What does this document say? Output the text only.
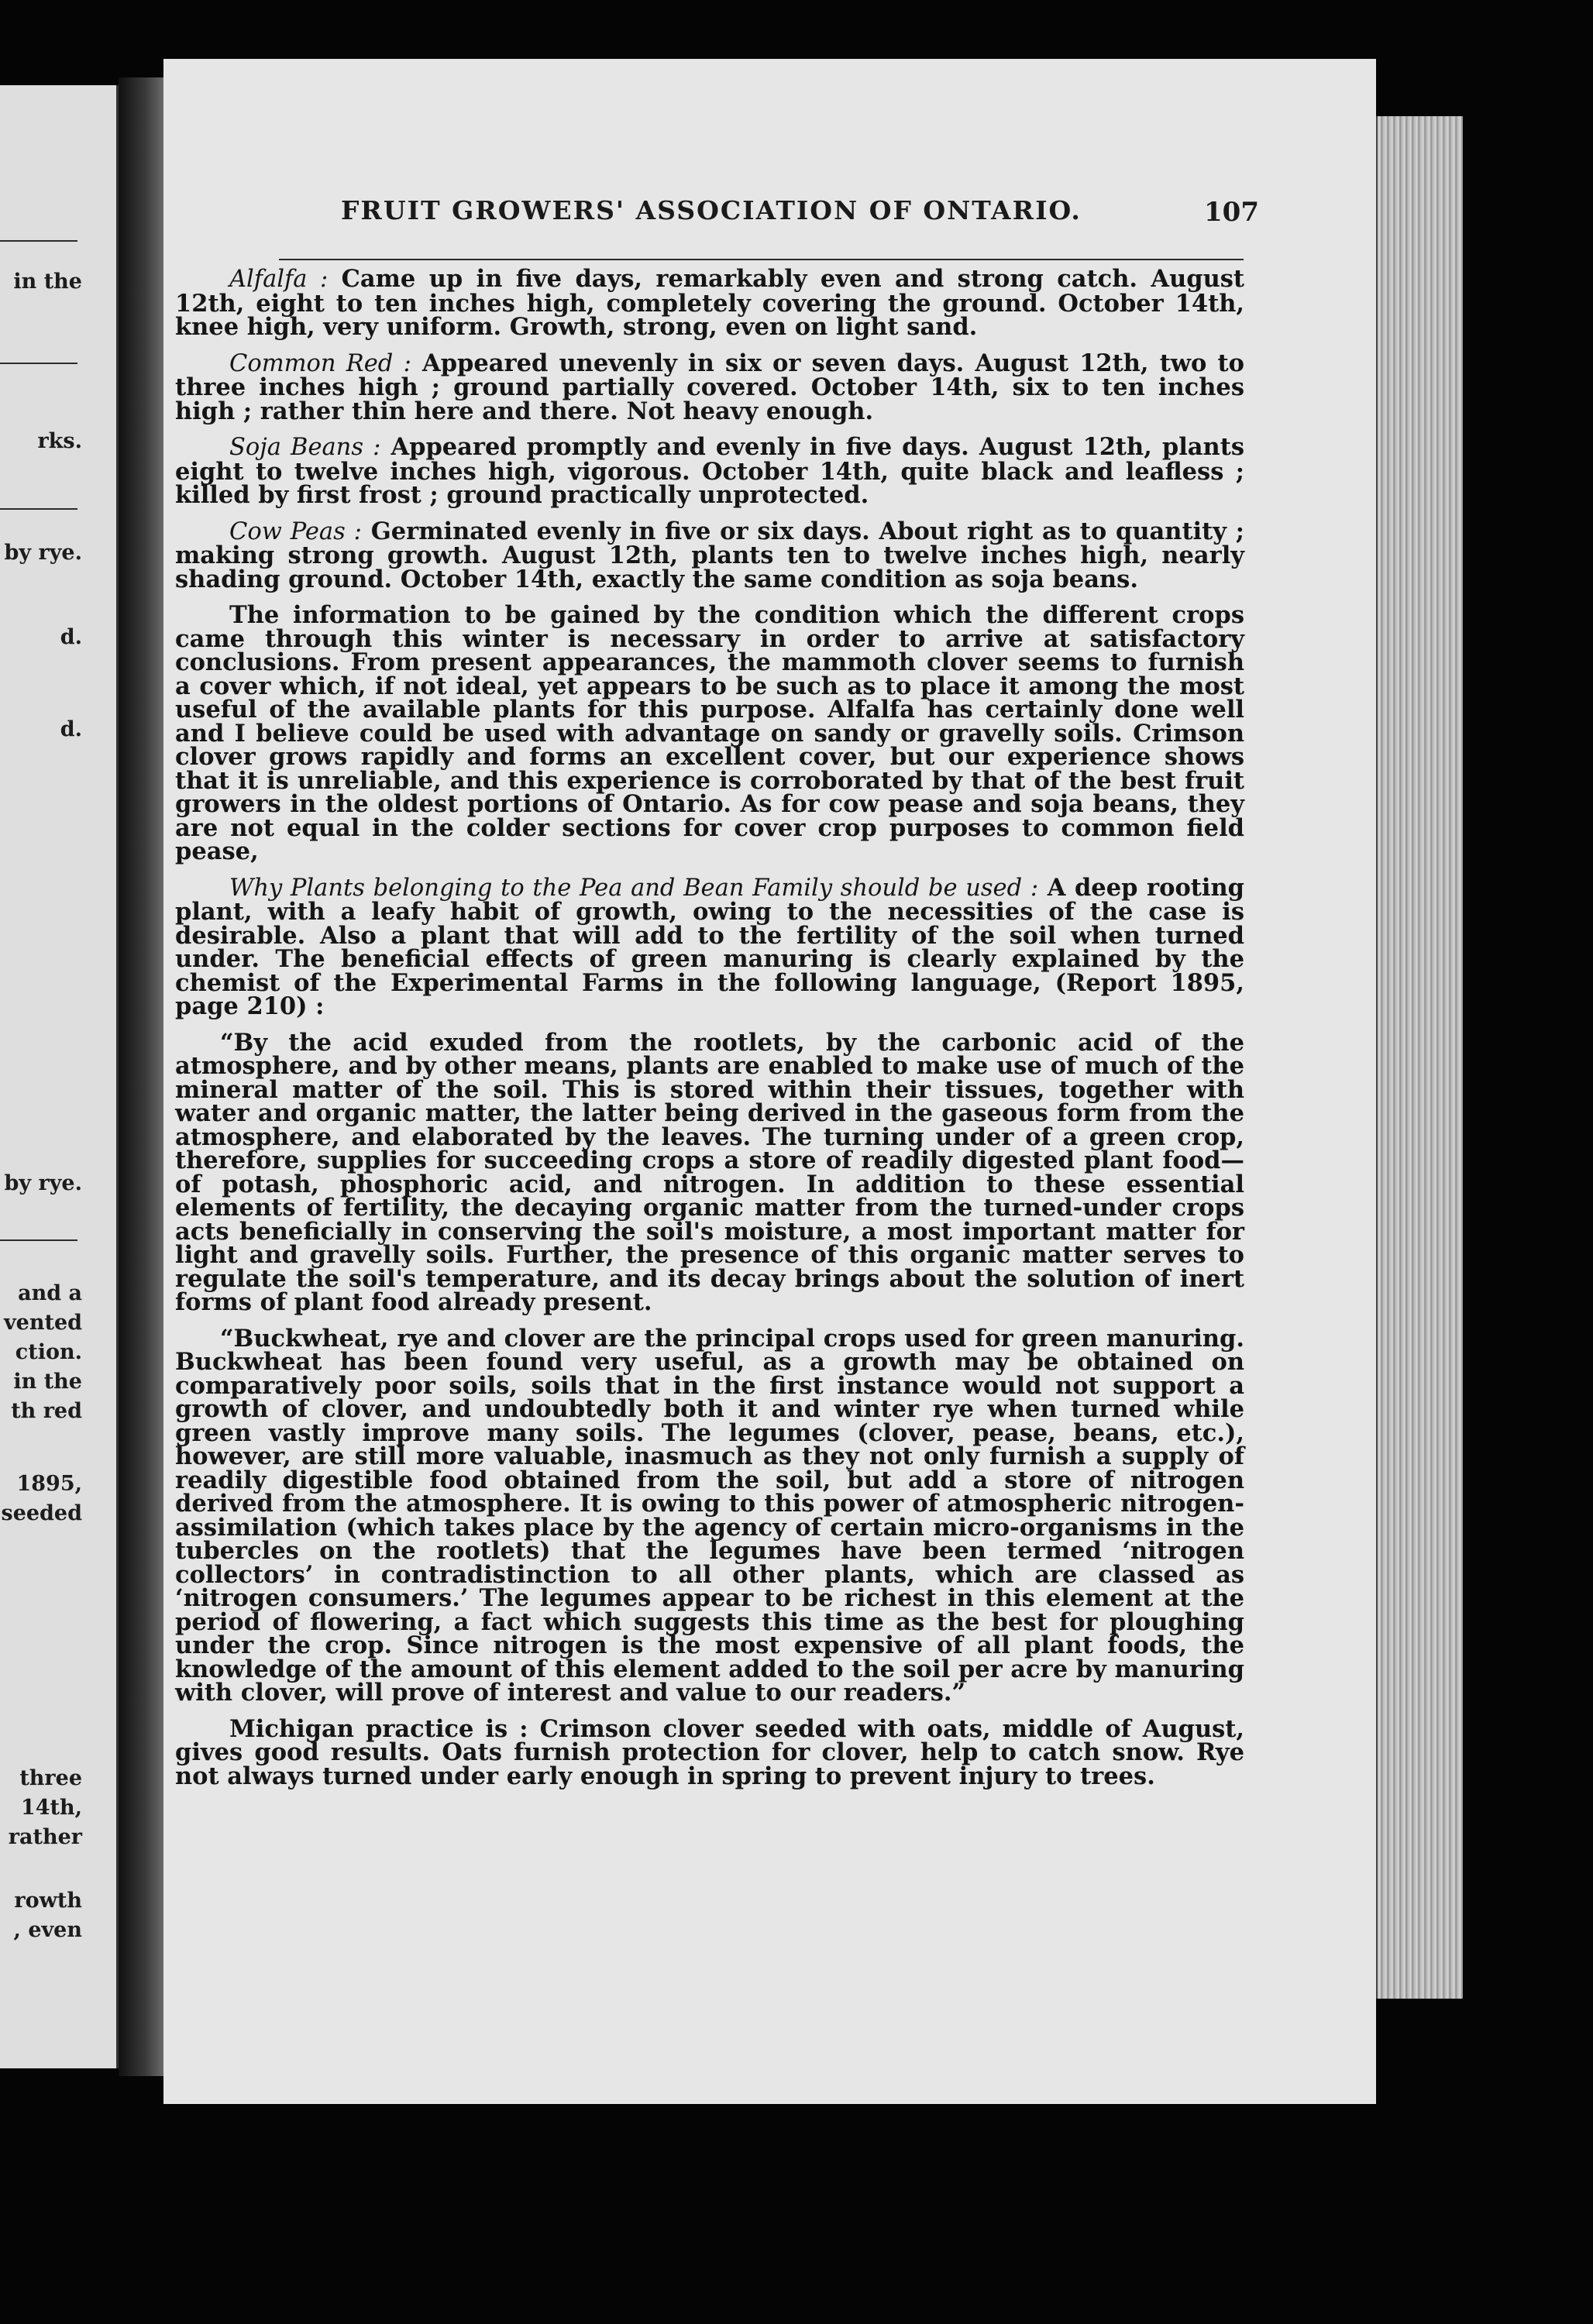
in the
rks.
by rye.
d.
d.
by rye.
and a
vented
ction.
in the
th red
1895,
seeded
three
14th,
rather
rowth
, even
FRUIT GROWERS' ASSOCIATION OF ONTARIO.	107

Alfalfa : Came up in five days, remarkably even and strong catch. August 12th, eight to ten inches high, completely covering the ground. October 14th, knee high, very uniform. Growth, strong, even on light sand.

Common Red : Appeared unevenly in six or seven days. August 12th, two to three inches high ; ground partially covered. October 14th, six to ten inches high ; rather thin here and there. Not heavy enough.

Soja Beans : Appeared promptly and evenly in five days. August 12th, plants eight to twelve inches high, vigorous. October 14th, quite black and leafless ; killed by first frost ; ground practically unprotected.

Cow Peas : Germinated evenly in five or six days. About right as to quantity ; making strong growth. August 12th, plants ten to twelve inches high, nearly shading ground. October 14th, exactly the same condition as soja beans.

The information to be gained by the condition which the different crops came through this winter is necessary in order to arrive at satisfactory conclusions. From present appearances, the mammoth clover seems to furnish a cover which, if not ideal, yet appears to be such as to place it among the most useful of the available plants for this purpose. Alfalfa has certainly done well and I believe could be used with advantage on sandy or gravelly soils. Crimson clover grows rapidly and forms an excellent cover, but our experience shows that it is unreliable, and this experience is corroborated by that of the best fruit growers in the oldest portions of Ontario. As for cow pease and soja beans, they are not equal in the colder sections for cover crop purposes to common field pease,

Why Plants belonging to the Pea and Bean Family should be used : A deep rooting plant, with a leafy habit of growth, owing to the necessities of the case is desirable. Also a plant that will add to the fertility of the soil when turned under. The beneficial effects of green manuring is clearly explained by the chemist of the Experimental Farms in the following language, (Report 1895, page 210) :

“By the acid exuded from the rootlets, by the carbonic acid of the atmosphere, and by other means, plants are enabled to make use of much of the mineral matter of the soil. This is stored within their tissues, together with water and organic matter, the latter being derived in the gaseous form from the atmosphere, and elaborated by the leaves. The turning under of a green crop, therefore, supplies for succeeding crops a store of readily digested plant food—of potash, phosphoric acid, and nitrogen. In addition to these essential elements of fertility, the decaying organic matter from the turned-under crops acts beneficially in conserving the soil's moisture, a most important matter for light and gravelly soils. Further, the presence of this organic matter serves to regulate the soil's temperature, and its decay brings about the solution of inert forms of plant food already present.

“Buckwheat, rye and clover are the principal crops used for green manuring. Buckwheat has been found very useful, as a growth may be obtained on comparatively poor soils, soils that in the first instance would not support a growth of clover, and undoubtedly both it and winter rye when turned while green vastly improve many soils. The legumes (clover, pease, beans, etc.), however, are still more valuable, inasmuch as they not only furnish a supply of readily digestible food obtained from the soil, but add a store of nitrogen derived from the atmosphere. It is owing to this power of atmospheric nitrogen-assimilation (which takes place by the agency of certain micro-organisms in the tubercles on the rootlets) that the legumes have been termed ‘nitrogen collectors’ in contradistinction to all other plants, which are classed as ‘nitrogen consumers.’ The legumes appear to be richest in this element at the period of flowering, a fact which suggests this time as the best for ploughing under the crop. Since nitrogen is the most expensive of all plant foods, the knowledge of the amount of this element added to the soil per acre by manuring with clover, will prove of interest and value to our readers.”

Michigan practice is : Crimson clover seeded with oats, middle of August, gives good results. Oats furnish protection for clover, help to catch snow. Rye not always turned under early enough in spring to prevent injury to trees.
